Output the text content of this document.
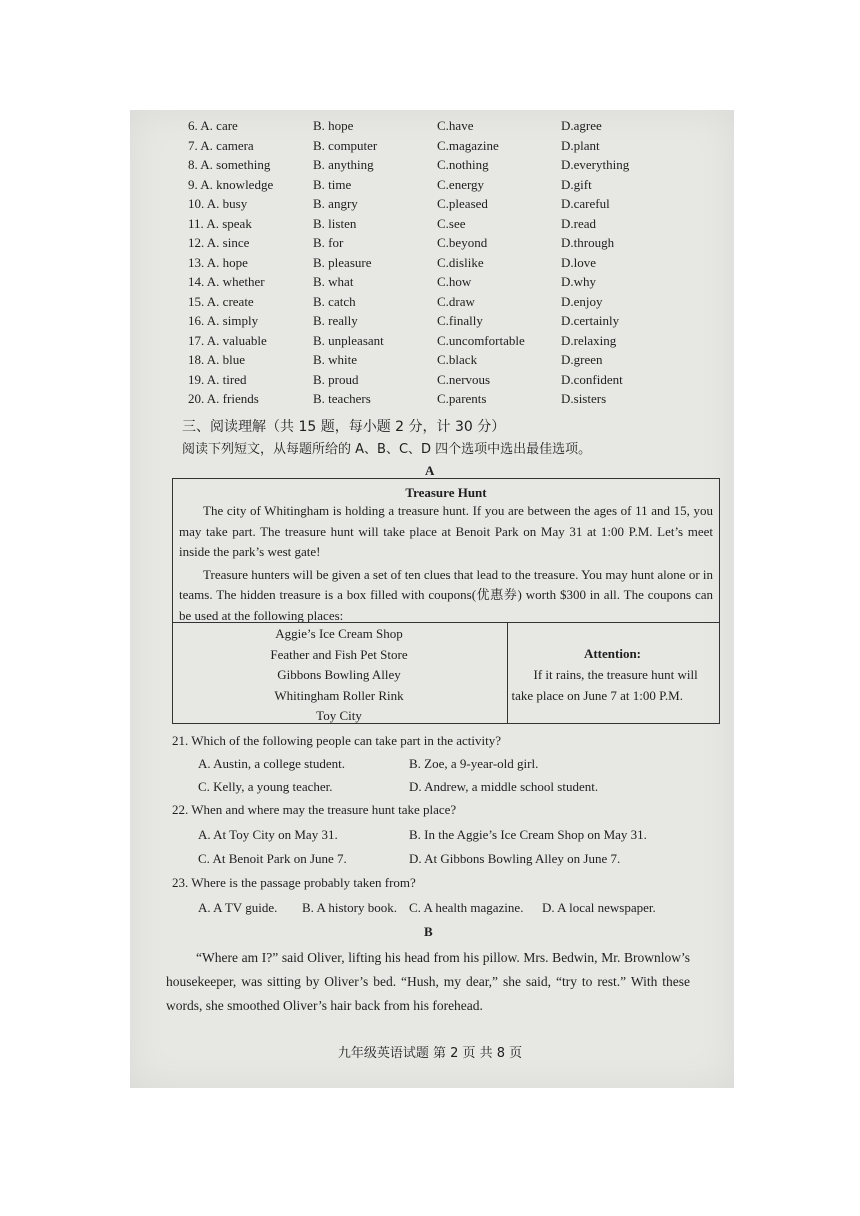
6. A. care	B. hope	C.have	D.agree
7. A. camera	B. computer	C.magazine	D.plant
8. A. something	B. anything	C.nothing	D.everything
9. A. knowledge	B. time	C.energy	D.gift
10. A. busy	B. angry	C.pleased	D.careful
11. A. speak	B. listen	C.see	D.read
12. A. since	B. for	C.beyond	D.through
13. A. hope	B. pleasure	C.dislike	D.love
14. A. whether	B. what	C.how	D.why
15. A. create	B. catch	C.draw	D.enjoy
16. A. simply	B. really	C.finally	D.certainly
17. A. valuable	B. unpleasant	C.uncomfortable	D.relaxing
18. A. blue	B. white	C.black	D.green
19. A. tired	B. proud	C.nervous	D.confident
20. A. friends	B. teachers	C.parents	D.sisters
三、阅读理解（共 15 题，每小题 2 分，计 30 分）
阅读下列短文，从每题所给的 A、B、C、D 四个选项中选出最佳选项。
A
Treasure Hunt
The city of Whitingham is holding a treasure hunt. If you are between the ages of 11 and 15, you may take part. The treasure hunt will take place at Benoit Park on May 31 at 1:00 P.M. Let’s meet inside the park’s west gate!
Treasure hunters will be given a set of ten clues that lead to the treasure. You may hunt alone or in teams. The hidden treasure is a box filled with coupons(优惠券) worth $300 in all. The coupons can be used at the following places:
Aggie’s Ice Cream Shop
Feather and Fish Pet Store
Gibbons Bowling Alley
Whitingham Roller Rink
Toy City
Attention:
If it rains, the treasure hunt will take place on June 7 at 1:00 P.M.
21. Which of the following people can take part in the activity?
A. Austin, a college student.	B. Zoe, a 9-year-old girl.
C. Kelly, a young teacher.	D. Andrew, a middle school student.
22. When and where may the treasure hunt take place?
A. At Toy City on May 31.	B. In the Aggie’s Ice Cream Shop on May 31.
C. At Benoit Park on June 7.	D. At Gibbons Bowling Alley on June 7.
23. Where is the passage probably taken from?
A. A TV guide. B. A history book. C. A health magazine. D. A local newspaper.
B
“Where am I?” said Oliver, lifting his head from his pillow. Mrs. Bedwin, Mr. Brownlow’s housekeeper, was sitting by Oliver’s bed. “Hush, my dear,” she said, “try to rest.” With these words, she smoothed Oliver’s hair back from his forehead.
九年级英语试题 第 2 页 共 8 页
